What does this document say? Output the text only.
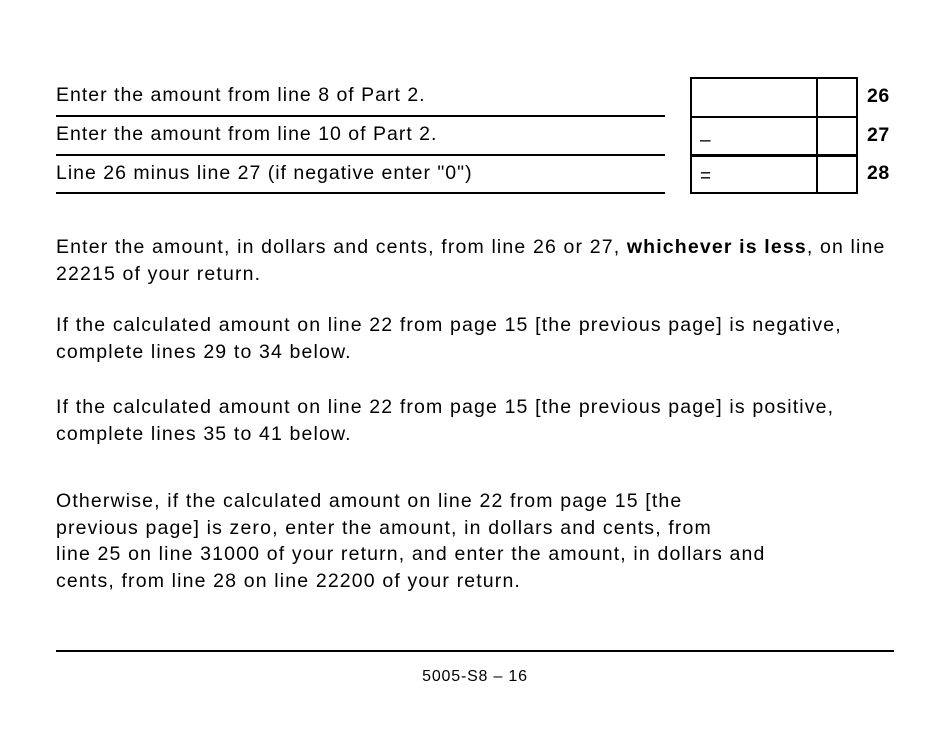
Enter the amount from line 8 of Part 2.	26
Enter the amount from line 10 of Part 2.	–	27
Line 26 minus line 27 (if negative enter "0")	=	28

Enter the amount, in dollars and cents, from line 26 or 27, whichever is less, on line 22215 of your return.

If the calculated amount on line 22 from page 15 [the previous page] is negative, complete lines 29 to 34 below.

If the calculated amount on line 22 from page 15 [the previous page] is positive, complete lines 35 to 41 below.

Otherwise, if the calculated amount on line 22 from page 15 [the
previous page] is zero, enter the amount, in dollars and cents, from
line 25 on line 31000 of your return, and enter the amount, in dollars and
cents, from line 28 on line 22200 of your return.

5005-S8 – 16
